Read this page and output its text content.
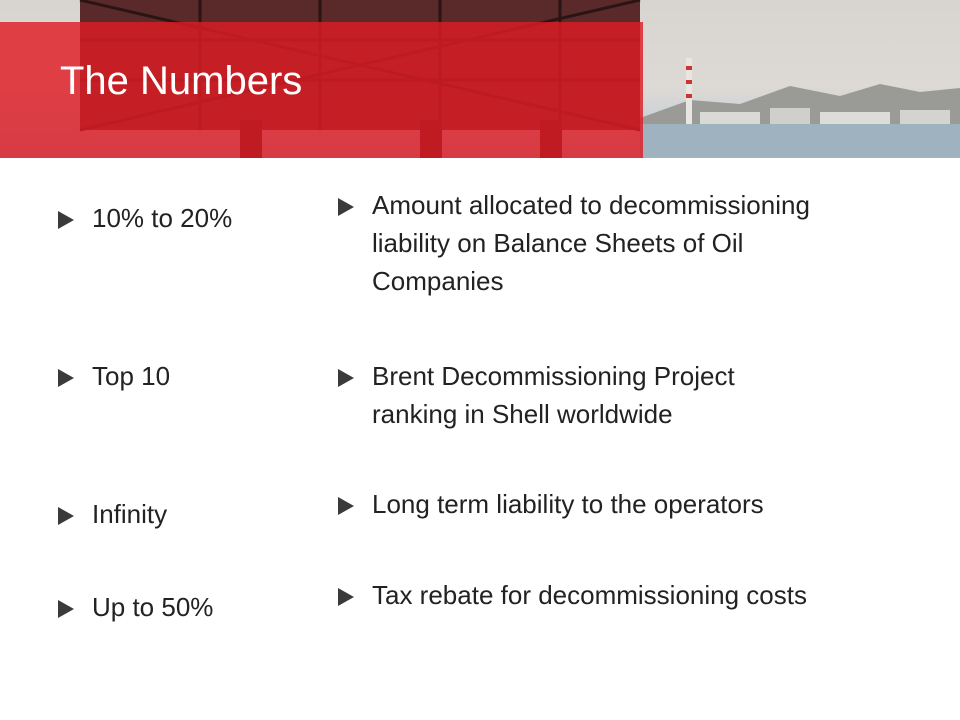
The Numbers
10% to 20%
Top 10
Infinity
Up to 50%
Amount allocated to decommissioning
liability on Balance Sheets of Oil
Companies
Brent Decommissioning Project
ranking in Shell worldwide
Long term liability to the operators
Tax rebate for decommissioning costs
